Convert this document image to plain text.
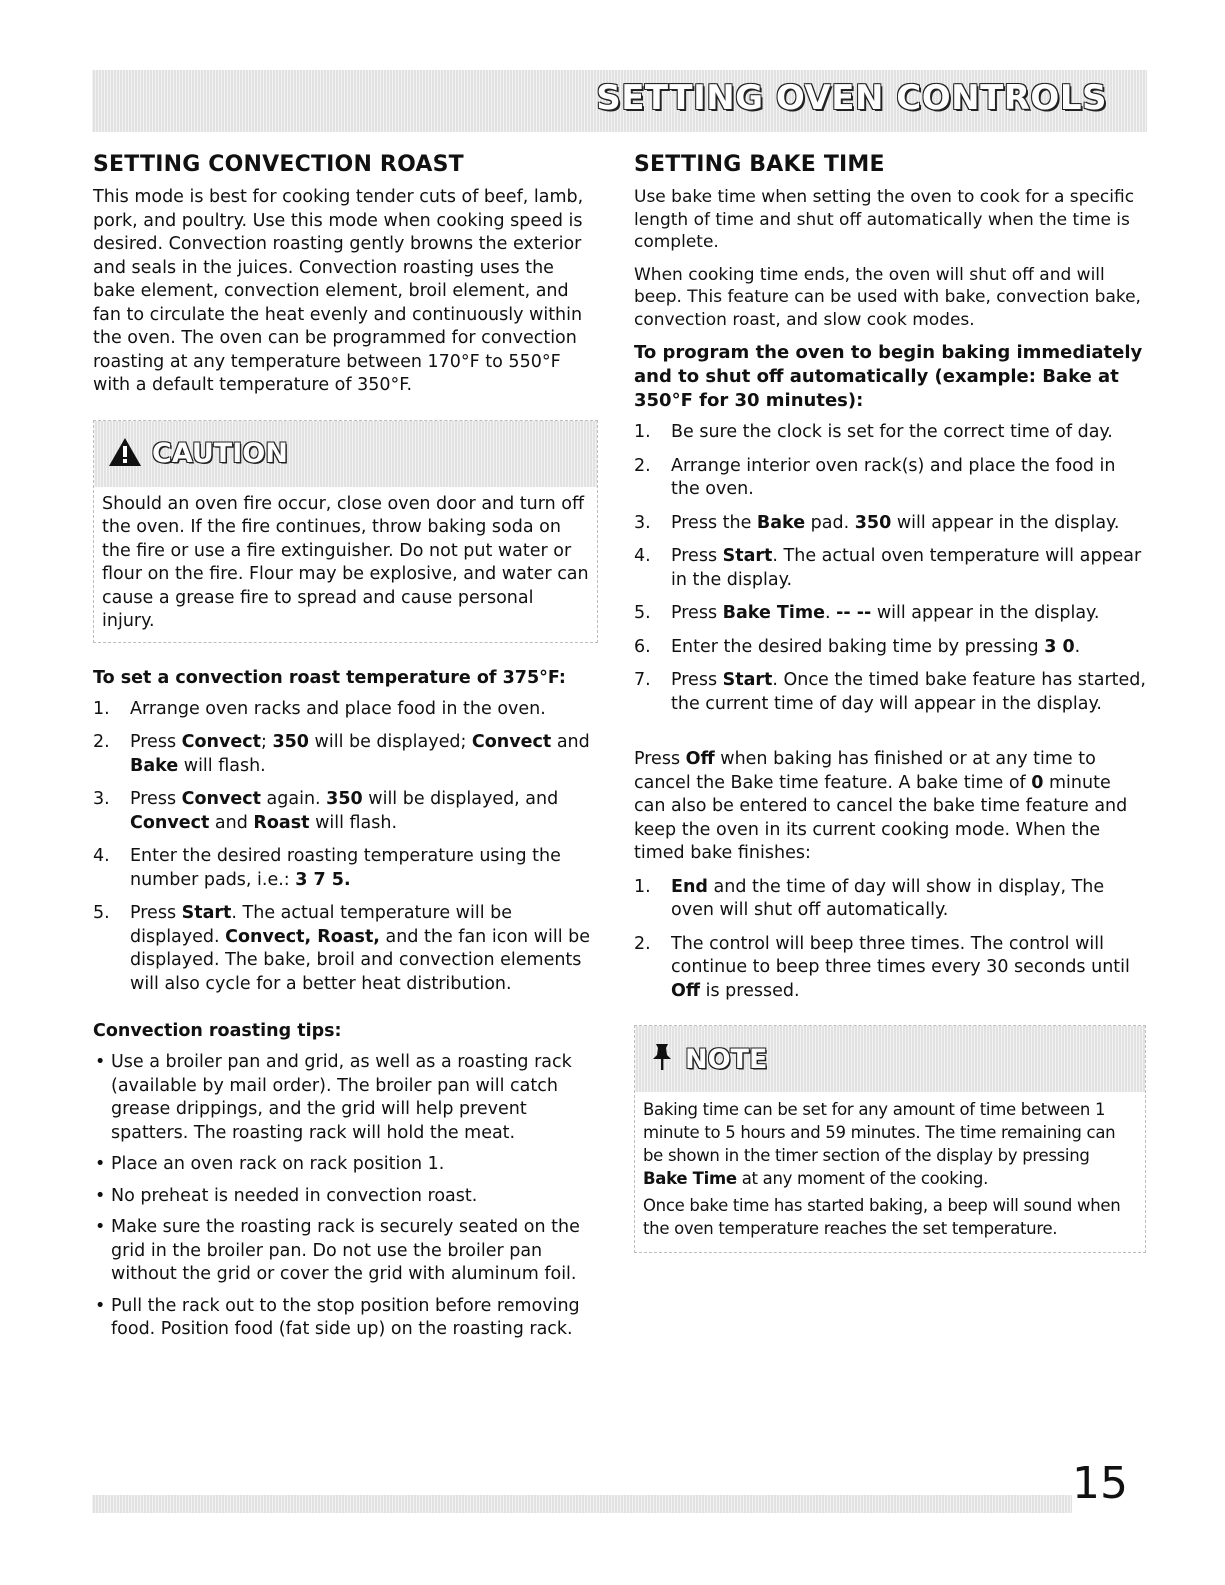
SETTING OVEN CONTROLS
SETTING CONVECTION ROAST

This mode is best for cooking tender cuts of beef, lamb, pork, and poultry. Use this mode when cooking speed is desired. Convection roasting gently browns the exterior and seals in the juices. Convection roasting uses the bake element, convection element, broil element, and fan to circulate the heat evenly and continuously within the oven. The oven can be programmed for convection roasting at any temperature between 170°F to 550°F with a default temperature of 350°F.

CAUTION

Should an oven fire occur, close oven door and turn off the oven. If the fire continues, throw baking soda on the fire or use a fire extinguisher. Do not put water or flour on the fire. Flour may be explosive, and water can cause a grease fire to spread and cause personal injury.

To set a convection roast temperature of 375°F:
1.	Arrange oven racks and place food in the oven.
2.	Press Convect; 350 will be displayed; Convect and Bake will flash.
3.	Press Convect again. 350 will be displayed, and Convect and Roast will flash.
4.	Enter the desired roasting temperature using the number pads, i.e.: 3 7 5.
5.	Press Start. The actual temperature will be displayed. Convect, Roast, and the fan icon will be displayed. The bake, broil and convection elements will also cycle for a better heat distribution.
Convection roasting tips:
• Use a broiler pan and grid, as well as a roasting rack (available by mail order). The broiler pan will catch grease drippings, and the grid will help prevent spatters. The roasting rack will hold the meat.
• Place an oven rack on rack position 1.
• No preheat is needed in convection roast.
• Make sure the roasting rack is securely seated on the grid in the broiler pan. Do not use the broiler pan without the grid or cover the grid with aluminum foil.
• Pull the rack out to the stop position before removing food. Position food (fat side up) on the roasting rack.
SETTING BAKE TIME

Use bake time when setting the oven to cook for a specific length of time and shut off automatically when the time is complete.

When cooking time ends, the oven will shut off and will beep. This feature can be used with bake, convection bake, convection roast, and slow cook modes.

To program the oven to begin baking immediately and to shut off automatically (example: Bake at 350°F for 30 minutes):

1.	Be sure the clock is set for the correct time of day.
2.	Arrange interior oven rack(s) and place the food in the oven.
3.	Press the Bake pad. 350 will appear in the display.
4.	Press Start. The actual oven temperature will appear in the display.
5.	Press Bake Time. -- -- will appear in the display.
6.	Enter the desired baking time by pressing 3 0.
7.	Press Start. Once the timed bake feature has started, the current time of day will appear in the display.

Press Off when baking has finished or at any time to cancel the Bake time feature. A bake time of 0 minute can also be entered to cancel the bake time feature and keep the oven in its current cooking mode. When the timed bake finishes:

1.	End and the time of day will show in display, The oven will shut off automatically.
2.	The control will beep three times. The control will continue to beep three times every 30 seconds until Off is pressed.
NOTE

Baking time can be set for any amount of time between 1 minute to 5 hours and 59 minutes. The time remaining can be shown in the timer section of the display by pressing Bake Time at any moment of the cooking.

Once bake time has started baking, a beep will sound when the oven temperature reaches the set temperature.

15
